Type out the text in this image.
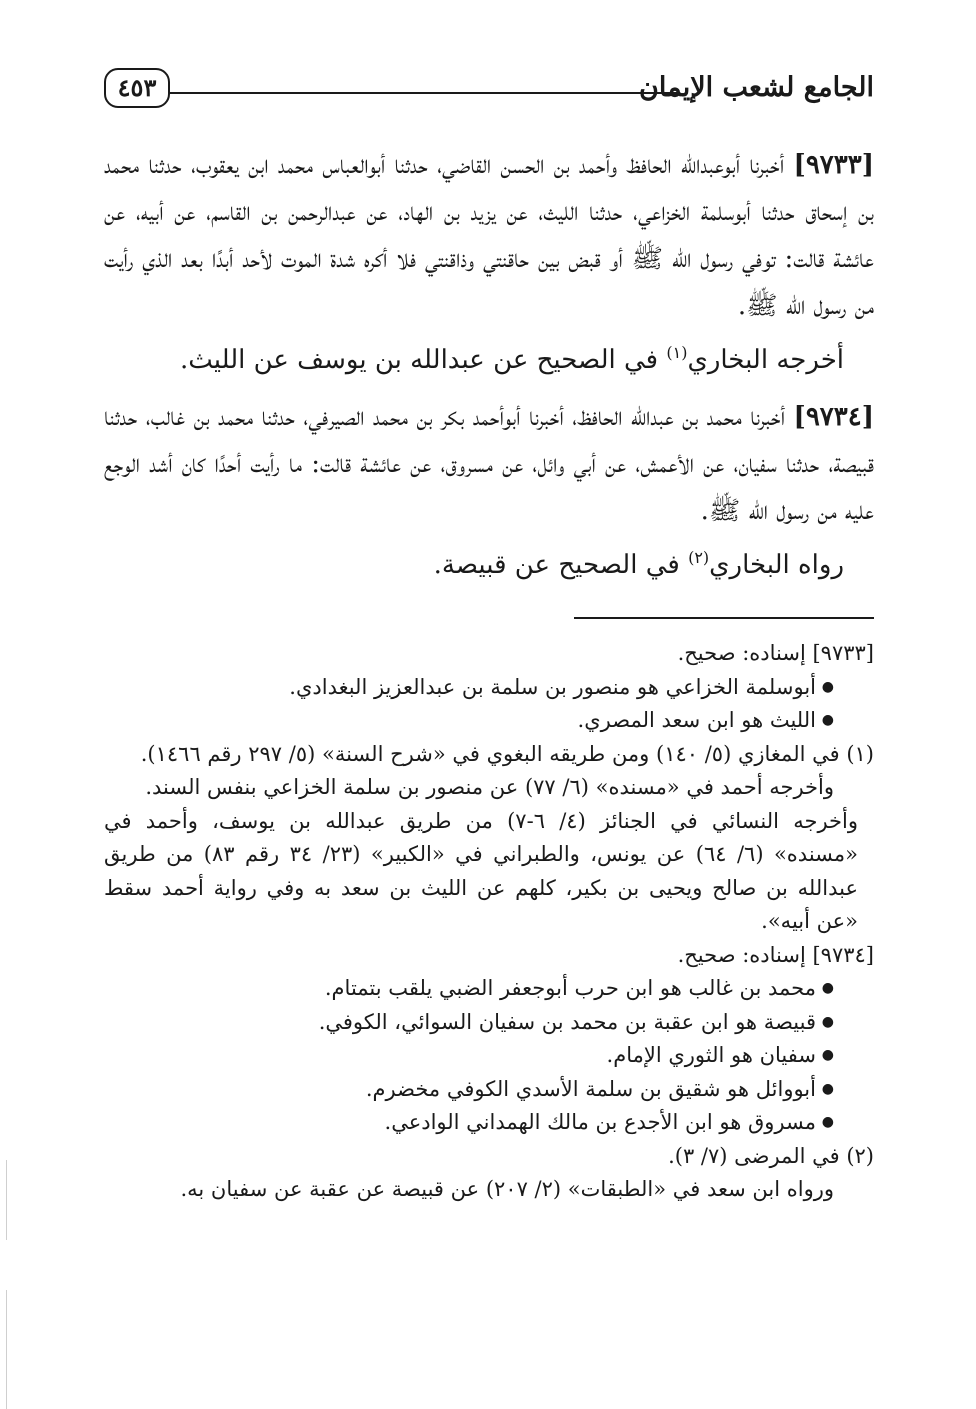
الجامع لشعب الإيمان
٤٥٣

[٩٧٣٣] أخبرنا أبوعبدالله الحافظ وأحمد بن الحسن القاضي، حدثنا أبوالعباس محمد ابن يعقوب، حدثنا محمد بن إسحاق حدثنا أبوسلمة الخزاعي، حدثنا الليث، عن يزيد بن الهاد، عن عبدالرحمن بن القاسم، عن أبيه، عن عائشة قالت: توفي رسول الله ﷺ أو قبض بين حاقنتي وذاقنتي فلا أكره شدة الموت لأحد أبدًا بعد الذي رأيت من رسول الله ﷺ.

أخرجه البخاري$^{(١)}$ في الصحيح عن عبدالله بن يوسف عن الليث.

[٩٧٣٤] أخبرنا محمد بن عبدالله الحافظ، أخبرنا أبوأحمد بكر بن محمد الصيرفي، حدثنا محمد بن غالب، حدثنا قبيصة، حدثنا سفيان، عن الأعمش، عن أبي وائل، عن مسروق، عن عائشة قالت: ما رأيت أحدًا كان أشد الوجع عليه من رسول الله ﷺ.

رواه البخاري$^{(٢)}$ في الصحيح عن قبيصة.

[٩٧٣٣] إسناده: صحيح.

●
أبوسلمة الخزاعي هو منصور بن سلمة بن عبدالعزيز البغدادي.
●
الليث هو ابن سعد المصري.

(١) في المغازي (٥/ ١٤٠) ومن طريقه البغوي في «شرح السنة» (٥/ ٢٩٧ رقم ١٤٦٦).

وأخرجه أحمد في «مسنده» (٦/ ٧٧) عن منصور بن سلمة الخزاعي بنفس السند.

وأخرجه النسائي في الجنائز (٤/ ٦-٧) من طريق عبدالله بن يوسف، وأحمد في «مسنده» (٦/ ٦٤) عن يونس، والطبراني في «الكبير» (٢٣/ ٣٤ رقم ٨٣) من طريق عبدالله بن صالح ويحيى بن بكير، كلهم عن الليث بن سعد به وفي رواية أحمد سقط «عن أبيه».

[٩٧٣٤] إسناده: صحيح.

●
محمد بن غالب هو ابن حرب أبوجعفر الضبي يلقب بتمتام.
●
قبيصة هو ابن عقبة بن محمد بن سفيان السوائي، الكوفي.
●
سفيان هو الثوري الإمام.
●
أبووائل هو شقيق بن سلمة الأسدي الكوفي مخضرم.
●
مسروق هو ابن الأجدع بن مالك الهمداني الوادعي.

(٢) في المرضى (٧/ ٣).

ورواه ابن سعد في «الطبقات» (٢/ ٢٠٧) عن قبيصة عن عقبة عن سفيان به.
